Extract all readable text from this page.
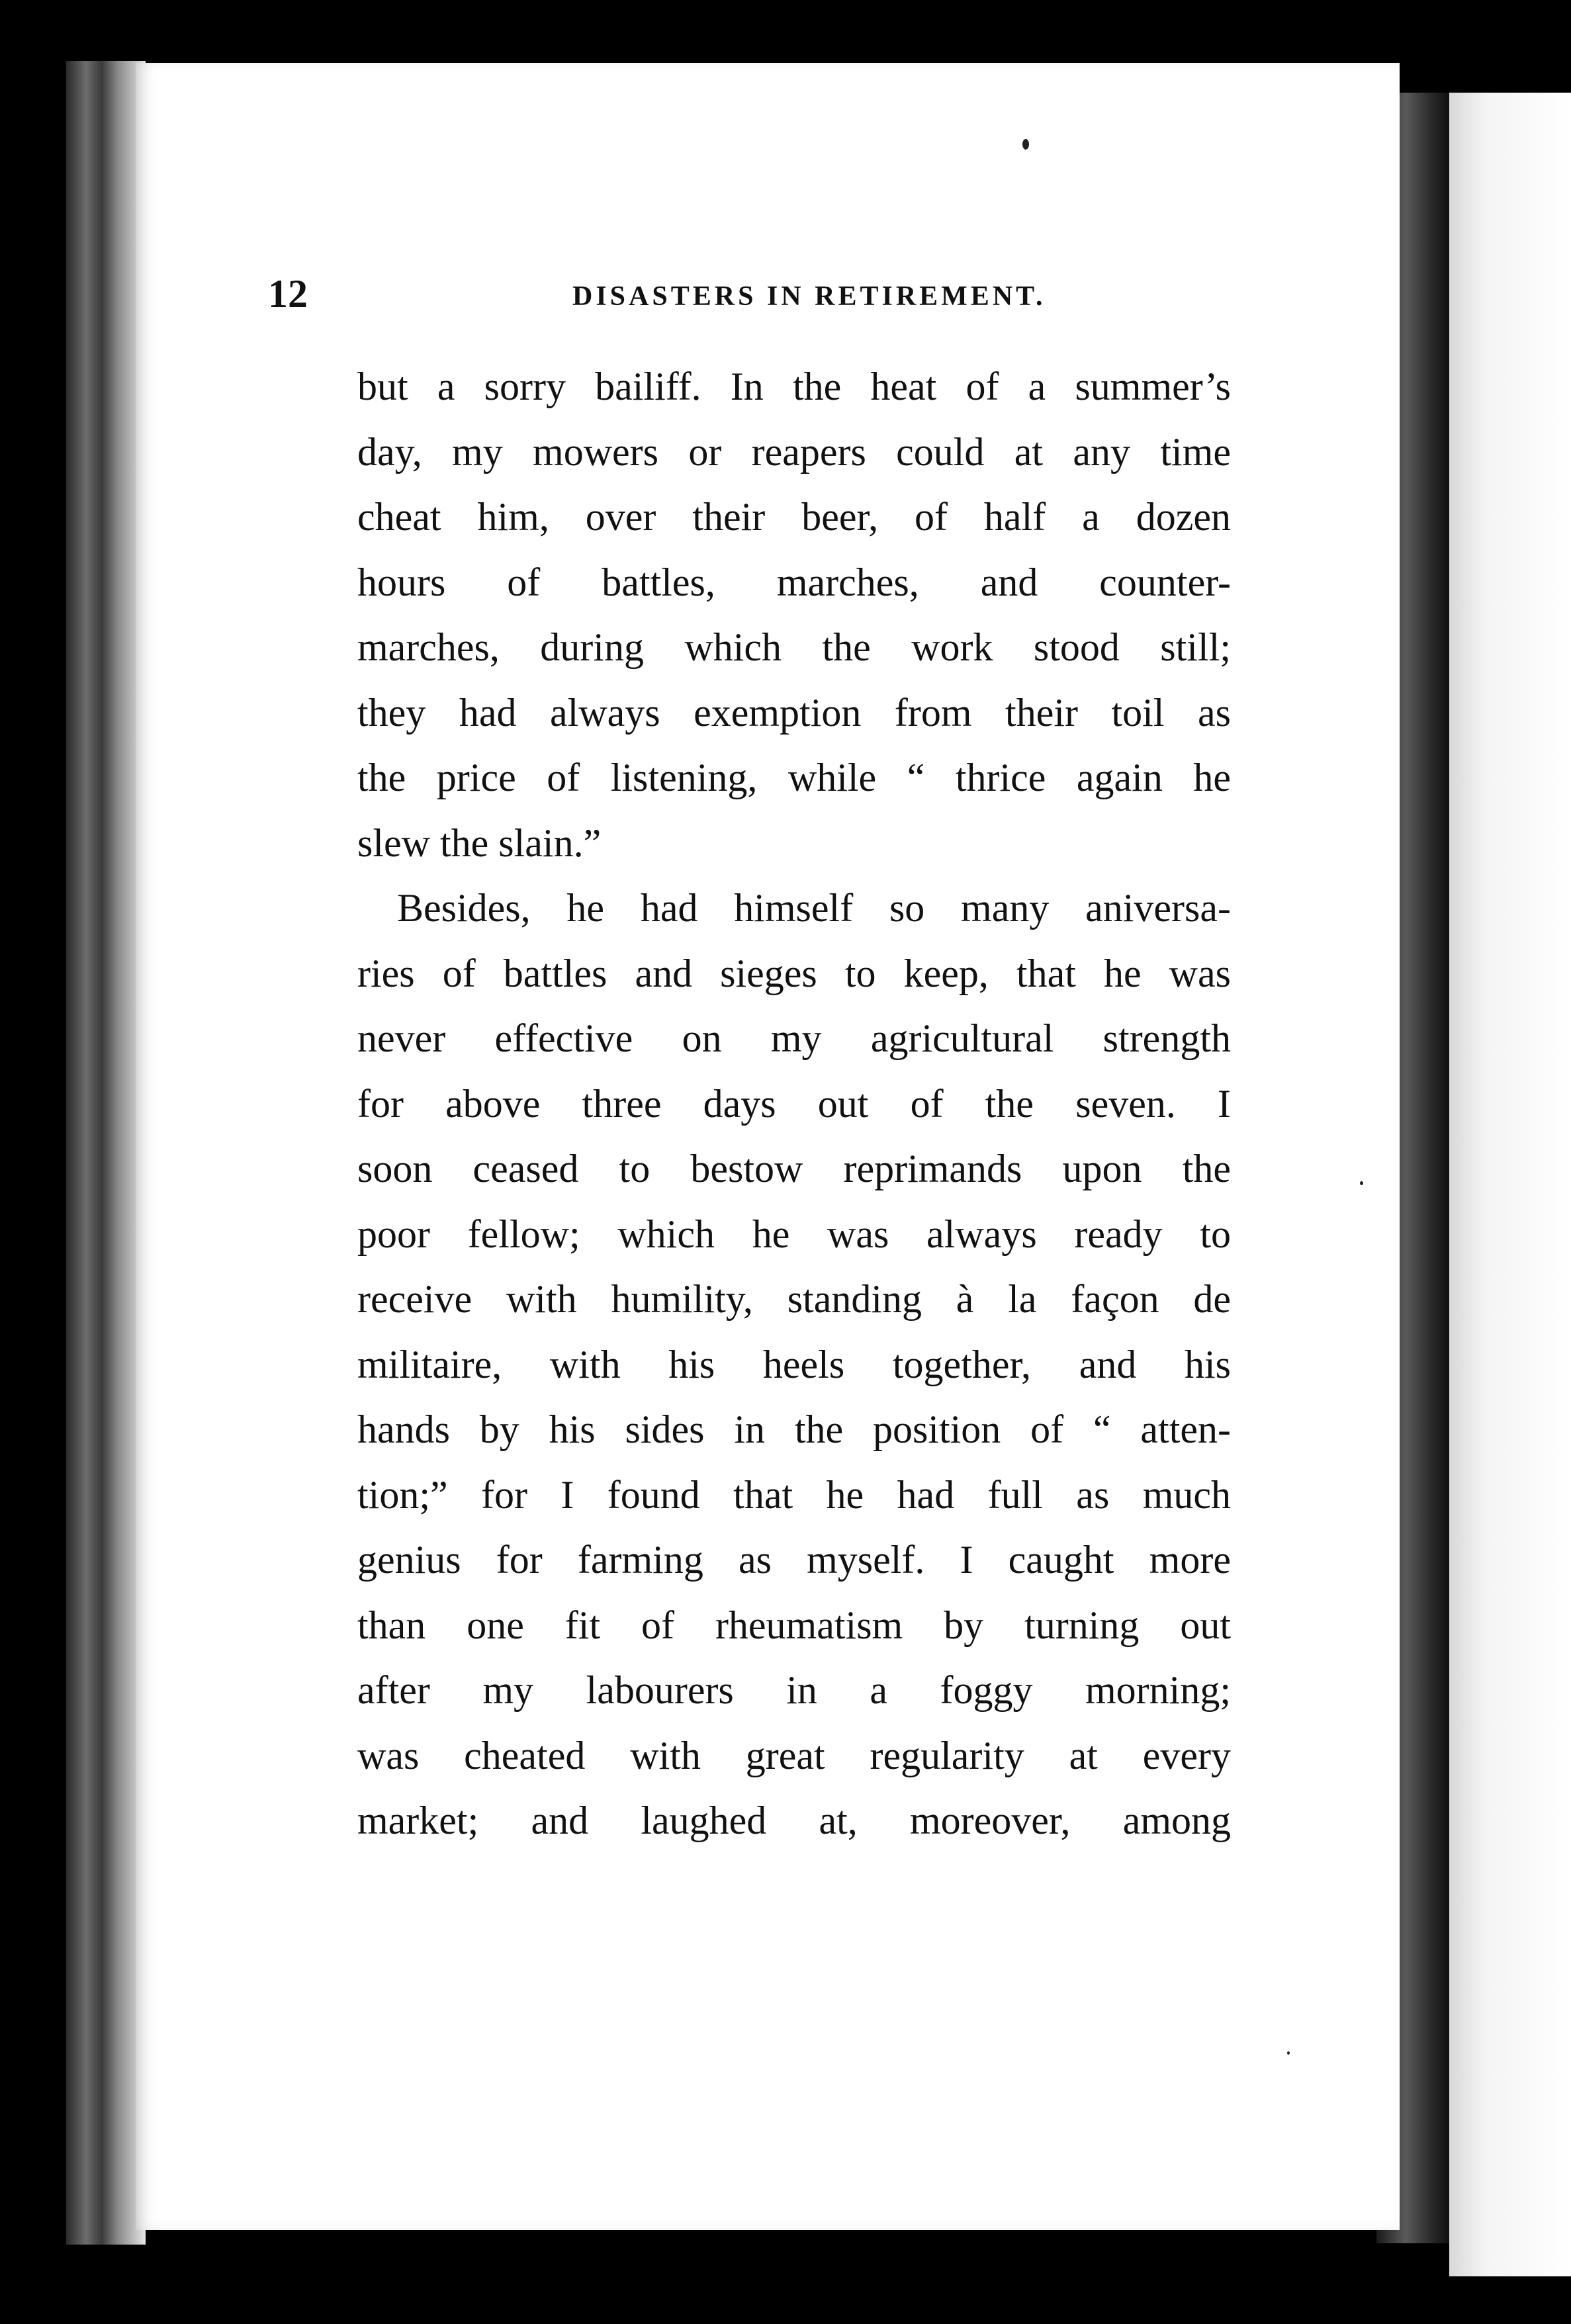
12	DISASTERS IN RETIREMENT.
but a sorry bailiff. In the heat of a summer’s
day, my mowers or reapers could at any time
cheat him, over their beer, of half a dozen
hours of battles, marches, and counter-
marches, during which the work stood still;
they had always exemption from their toil as
the price of listening, while “ thrice again he
slew the slain.”
Besides, he had himself so many aniversa-
ries of battles and sieges to keep, that he was
never effective on my agricultural strength
for above three days out of the seven. I
soon ceased to bestow reprimands upon the
poor fellow; which he was always ready to
receive with humility, standing à la façon de
militaire, with his heels together, and his
hands by his sides in the position of “ atten-
tion;” for I found that he had full as much
genius for farming as myself. I caught more
than one fit of rheumatism by turning out
after my labourers in a foggy morning;
was cheated with great regularity at every
market; and laughed at, moreover, among
